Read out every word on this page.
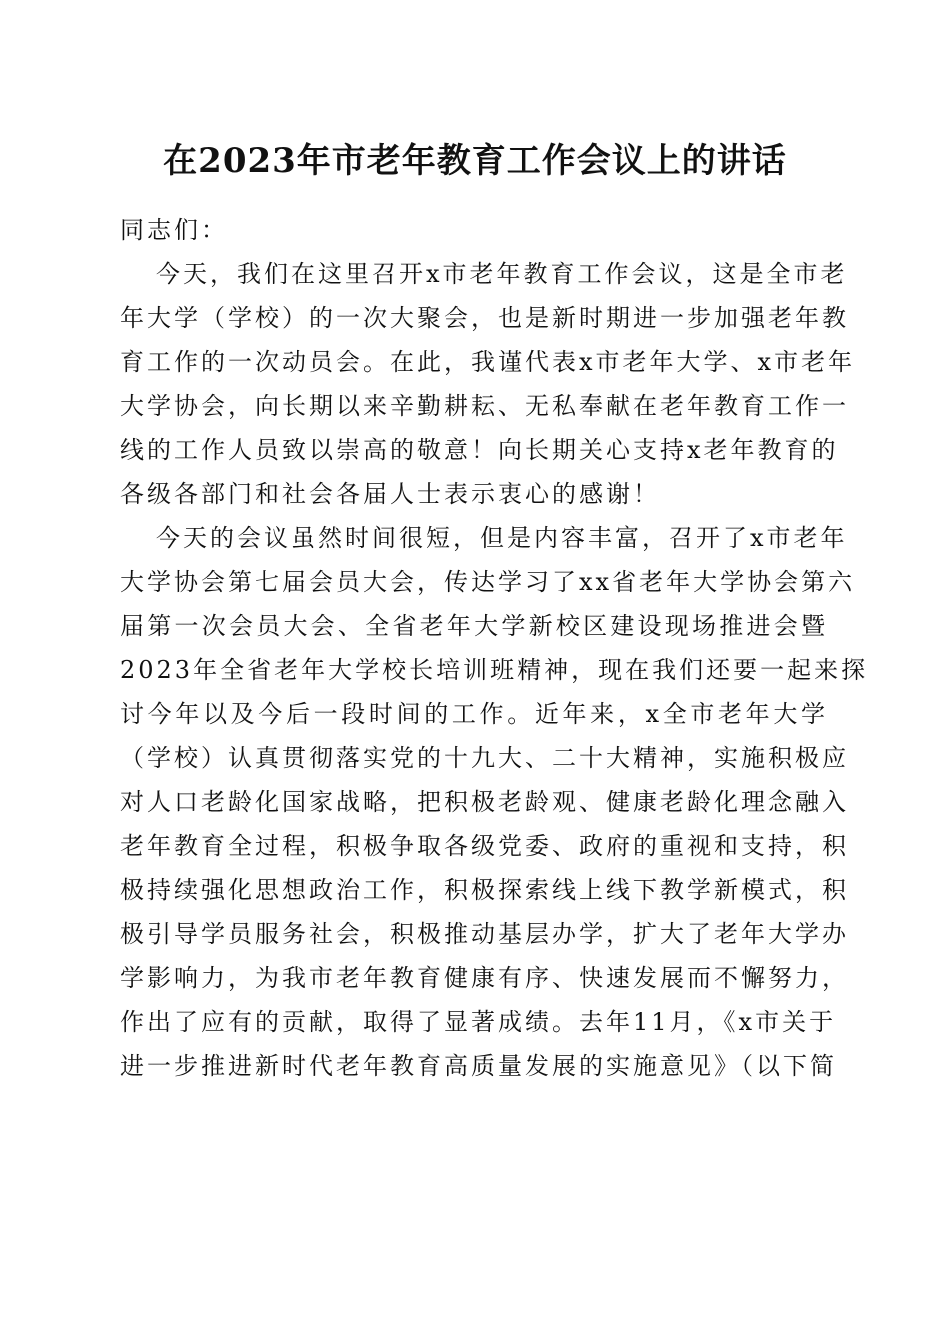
在2023年市老年教育工作会议上的讲话

同志们：

今天，我们在这里召开x市老年教育工作会议，这是全市老
年大学（学校）的一次大聚会，也是新时期进一步加强老年教
育工作的一次动员会。在此，我谨代表x市老年大学、x市老年
大学协会，向长期以来辛勤耕耘、无私奉献在老年教育工作一
线的工作人员致以崇高的敬意！向长期关心支持x老年教育的
各级各部门和社会各届人士表示衷心的感谢！
今天的会议虽然时间很短，但是内容丰富，召开了x市老年
大学协会第七届会员大会，传达学习了xx省老年大学协会第六
届第一次会员大会、全省老年大学新校区建设现场推进会暨
2023年全省老年大学校长培训班精神，现在我们还要一起来探
讨今年以及今后一段时间的工作。近年来，x全市老年大学
（学校）认真贯彻落实党的十九大、二十大精神，实施积极应
对人口老龄化国家战略，把积极老龄观、健康老龄化理念融入
老年教育全过程，积极争取各级党委、政府的重视和支持，积
极持续强化思想政治工作，积极探索线上线下教学新模式，积
极引导学员服务社会，积极推动基层办学，扩大了老年大学办
学影响力，为我市老年教育健康有序、快速发展而不懈努力，
作出了应有的贡献，取得了显著成绩。去年11月，《x市关于
进一步推进新时代老年教育高质量发展的实施意见》（以下简
